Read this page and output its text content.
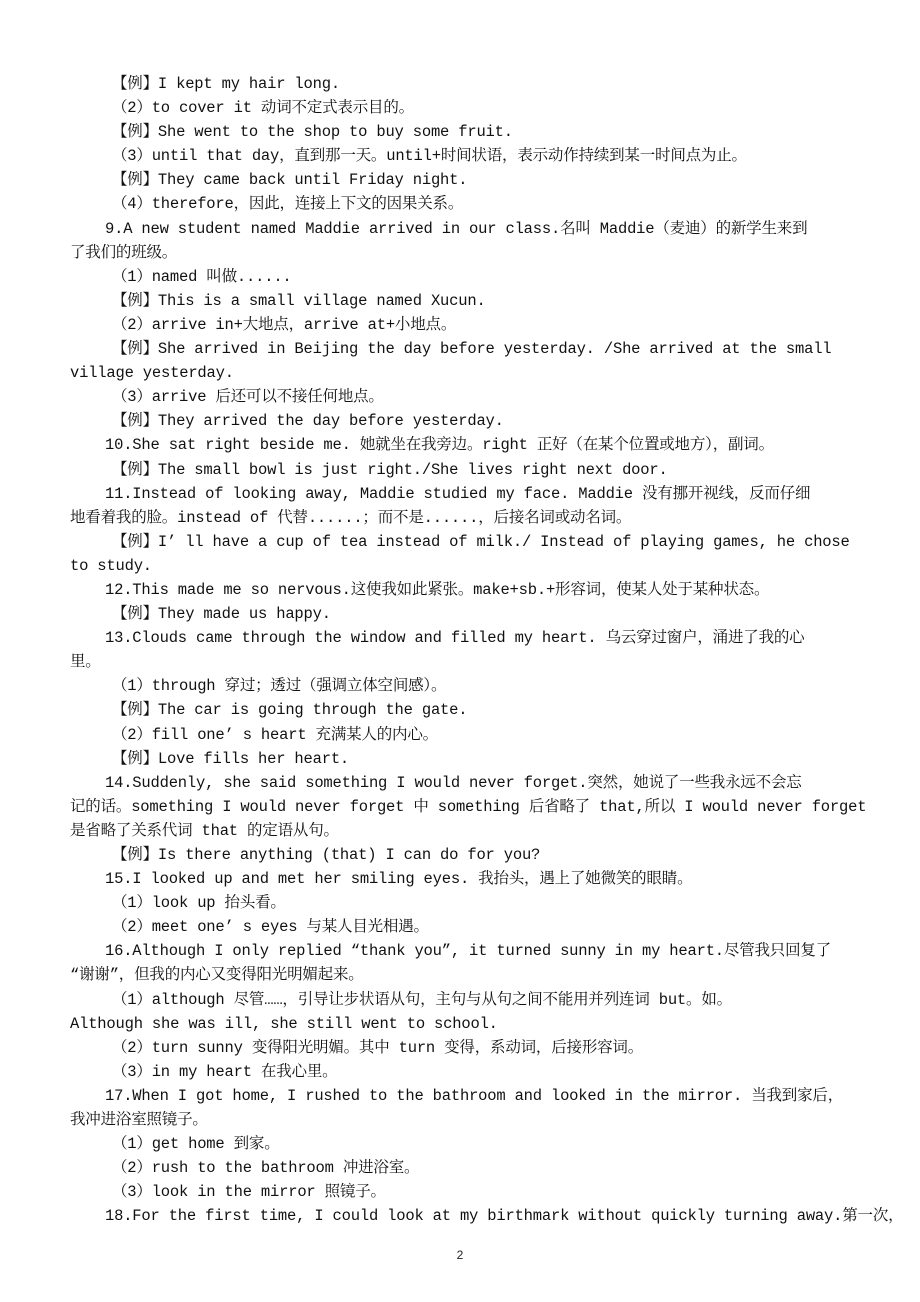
【例】I kept my hair long.
（2）to cover it 动词不定式表示目的。
【例】She went to the shop to buy some fruit.
（3）until that day，直到那一天。until+时间状语，表示动作持续到某一时间点为止。
【例】They came back until Friday night.
（4）therefore，因此，连接上下文的因果关系。
9.A new student named Maddie arrived in our class.名叫 Maddie（麦迪）的新学生来到
了我们的班级。
（1）named 叫做......
【例】This is a small village named Xucun.
（2）arrive in+大地点，arrive at+小地点。
【例】She arrived in Beijing the day before yesterday. /She arrived at the small
village yesterday.
（3）arrive 后还可以不接任何地点。
【例】They arrived the day before yesterday.
10.She sat right beside me. 她就坐在我旁边。right 正好（在某个位置或地方），副词。
【例】The small bowl is just right./She lives right next door.
11.Instead of looking away, Maddie studied my face. Maddie 没有挪开视线，反而仔细
地看着我的脸。instead of 代替......；而不是......，后接名词或动名词。
【例】I’ ll have a cup of tea instead of milk./ Instead of playing games, he chose
to study.
12.This made me so nervous.这使我如此紧张。make+sb.+形容词，使某人处于某种状态。
【例】They made us happy.
13.Clouds came through the window and filled my heart. 乌云穿过窗户，涌进了我的心
里。
（1）through 穿过；透过（强调立体空间感）。
【例】The car is going through the gate.
（2）fill one’ s heart 充满某人的内心。
【例】Love fills her heart.
14.Suddenly, she said something I would never forget.突然，她说了一些我永远不会忘
记的话。something I would never forget 中 something 后省略了 that,所以 I would never forget
是省略了关系代词 that 的定语从句。
【例】Is there anything (that) I can do for you?
15.I looked up and met her smiling eyes. 我抬头，遇上了她微笑的眼睛。
（1）look up 抬头看。
（2）meet one’ s eyes 与某人目光相遇。
16.Although I only replied “thank you”, it turned sunny in my heart.尽管我只回复了
“谢谢”，但我的内心又变得阳光明媚起来。
（1）although 尽管……，引导让步状语从句，主句与从句之间不能用并列连词 but。如。
Although she was ill, she still went to school.
（2）turn sunny 变得阳光明媚。其中 turn 变得，系动词，后接形容词。
（3）in my heart 在我心里。
17.When I got home, I rushed to the bathroom and looked in the mirror. 当我到家后，
我冲进浴室照镜子。
（1）get home 到家。
（2）rush to the bathroom 冲进浴室。
（3）look in the mirror 照镜子。
18.For the first time, I could look at my birthmark without quickly turning away.第一次，
2
